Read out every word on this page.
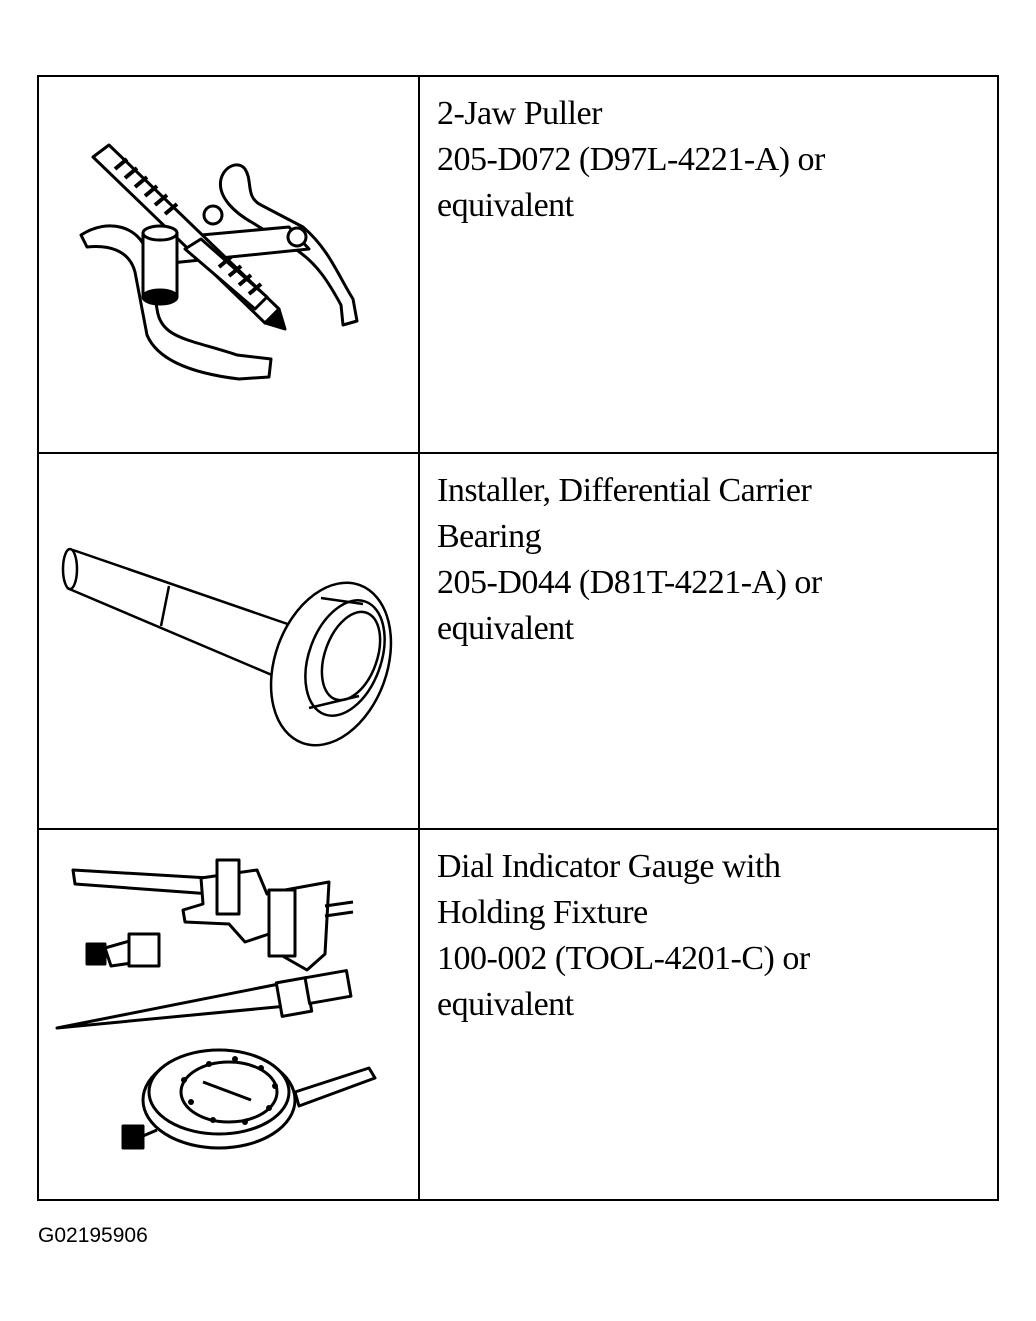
2-Jaw Puller
205-D072 (D97L-4221-A) or
equivalent
Installer, Differential Carrier
Bearing
205-D044 (D81T-4221-A) or
equivalent
Dial Indicator Gauge with
Holding Fixture
100-002 (TOOL-4201-C) or
equivalent
G02195906
